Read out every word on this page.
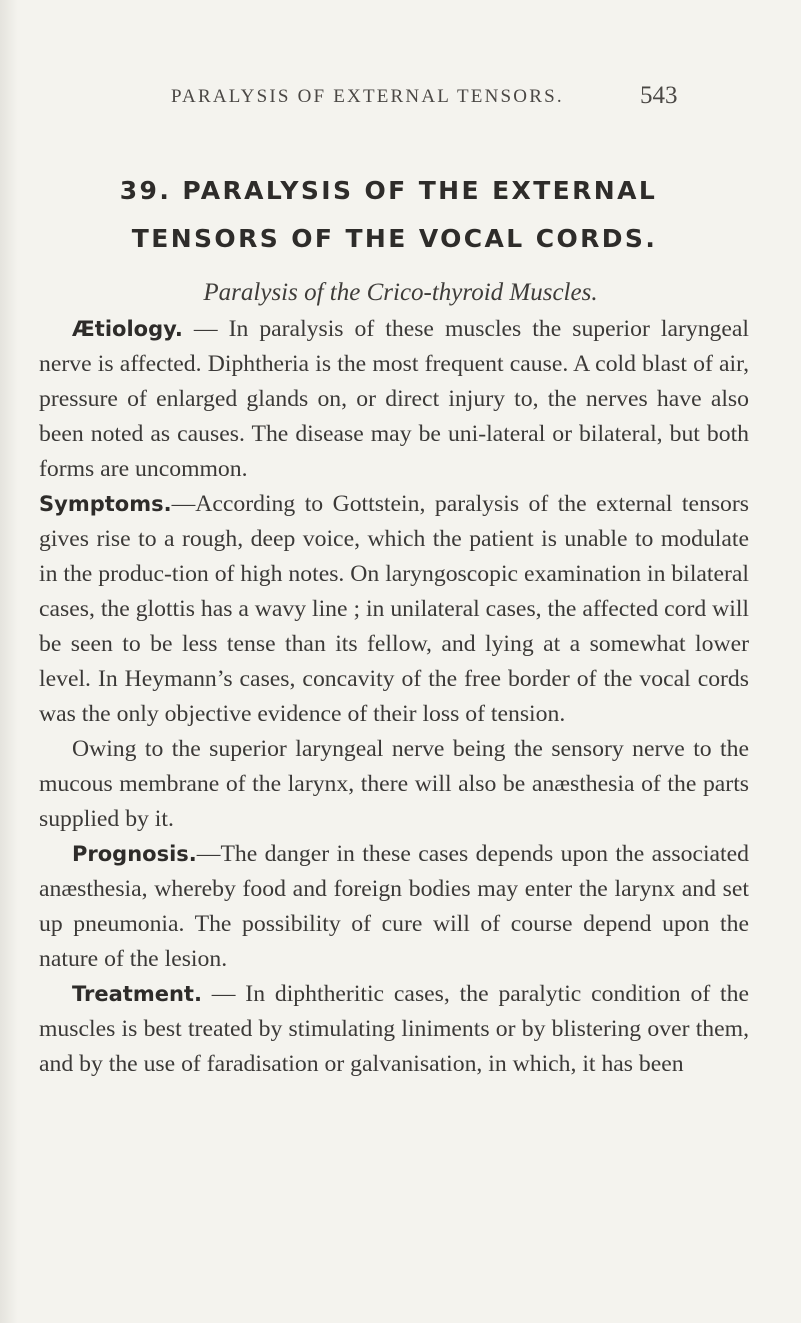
PARALYSIS OF EXTERNAL TENSORS.	543
39. PARALYSIS OF THE EXTERNAL
TENSORS OF THE VOCAL CORDS.
Paralysis of the Crico-thyroid Muscles.

Ætiology. — In paralysis of these muscles the superior laryngeal nerve is affected. Diphtheria is the most frequent cause. A cold blast of air, pressure of enlarged glands on, or direct injury to, the nerves have also been noted as causes. The disease may be uni-lateral or bilateral, but both forms are uncommon.

Symptoms.—According to Gottstein, paralysis of the external tensors gives rise to a rough, deep voice, which the patient is unable to modulate in the produc-tion of high notes. On laryngoscopic examination in bilateral cases, the glottis has a wavy line ; in unilateral cases, the affected cord will be seen to be less tense than its fellow, and lying at a somewhat lower level. In Heymann’s cases, concavity of the free border of the vocal cords was the only objective evidence of their loss of tension.

Owing to the superior laryngeal nerve being the sensory nerve to the mucous membrane of the larynx, there will also be anæsthesia of the parts supplied by it.

Prognosis.—The danger in these cases depends upon the associated anæsthesia, whereby food and foreign bodies may enter the larynx and set up pneumonia. The possibility of cure will of course depend upon the nature of the lesion.

Treatment. — In diphtheritic cases, the paralytic condition of the muscles is best treated by stimulating liniments or by blistering over them, and by the use of faradisation or galvanisation, in which, it has been
